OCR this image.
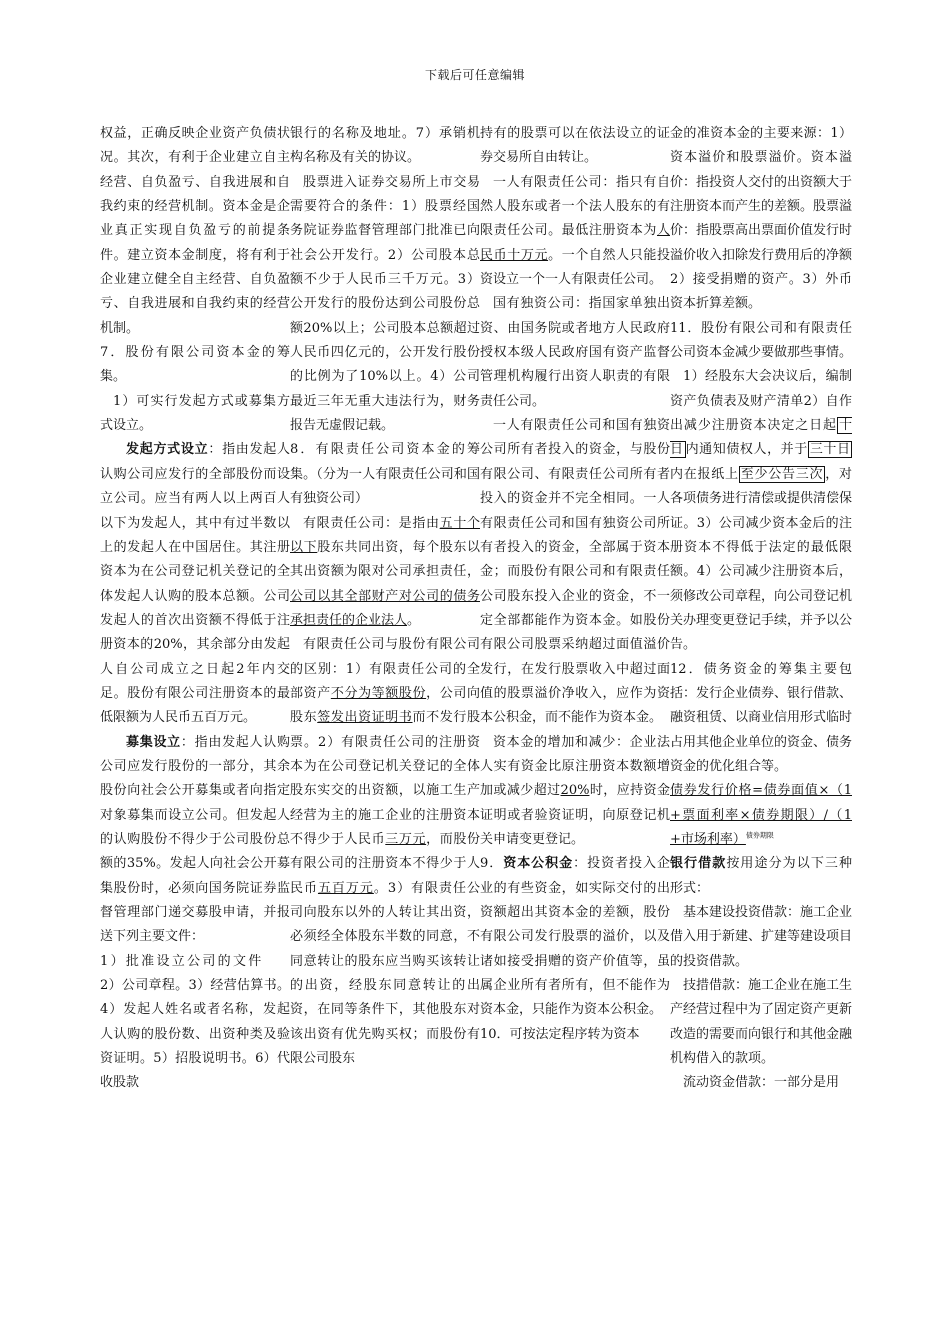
下载后可任意编辑

权益，正确反映企业资产负债状况。其次，有利于企业建立自主经营、自负盈亏、自我进展和自我约束的经营机制。资本金是企业真正实现自负盈亏的前提条件。建立资本金制度，将有利于企业建立健全自主经营、自负盈亏、自我进展和自我约束的经营机制。

7．股份有限公司资本金的筹集。

1）可实行发起方式或募集方式设立。

发起方式设立：指由发起人认购公司应发行的全部股份而设立公司。应当有两人以上两百人以下为发起人，其中有过半数以上的发起人在中国居住。其注册资本为在公司登记机关登记的全体发起人认购的股本总额。公司发起人的首次出资额不得低于注册资本的20%，其余部分由发起人自公司成立之日起2年内交足。股份有限公司注册资本的最低限额为人民币五百万元。

募集设立：指由发起人认购公司应发行股份的一部分，其余股份向社会公开募集或者向指定对象募集而设立公司。但发起人的认购股份不得少于公司股份总额的35%。发起人向社会公开募集股份时，必须向国务院证券监督管理部门递交募股申请，并报送下列主要文件：

1）批准设立公司的文件

2）公司章程。3）经营估算书。4）发起人姓名或者名称，发起人认购的股份数、出资种类及验资证明。5）招股说明书。6）代收股款

银行的名称及地址。7）承销机构名称及有关的协议。

股票进入证券交易所上市交易需要符合的条件：1）股票经国务院证券监督管理部门批准已向社会公开发行。2）公司股本总额不少于人民币三千万元。3）公开发行的股份达到公司股份总额20%以上；公司股本总额超过人民币四亿元的，公开发行股份的比例为了10%以上。4）公司最近三年无重大违法行为，财务报告无虚假记载。

8．有限责任公司资本金的筹集。（分为一人有限责任公司和国有独资公司）

有限责任公司：是指由五十个以下股东共同出资，每个股东以其出资额为限对公司承担责任，公司以其全部财产对公司的债务承担责任的企业法人。

有限责任公司与股份有限公司的区别：1）有限责任公司的全部资产不分为等额股份，公司向股东签发出资证明书而不发行股票。2）有限责任公司的注册资本为在公司登记机关登记的全体股东实交的出资额，以施工生产经营为主的施工企业的注册资本不得少于人民币三万元，而股份有限公司的注册资本不得少于人民币五百万元。3）有限责任公司向股东以外的人转让其出资，必须经全体股东半数的同意，不同意转让的股东应当购买该转让的出资，经股东同意转让的出资，在同等条件下，其他股东对该出资有优先购买权；而股份有限公司股东

持有的股票可以在依法设立的证券交易所自由转让。

一人有限责任公司：指只有自然人股东或者一个法人股东的有限责任公司。最低注册资本为人民币十万元。一个自然人只能投资设立一个一人有限责任公司。

国有独资公司：指国家单独出资、由国务院或者地方人民政府授权本级人民政府国有资产监督管理机构履行出资人职责的有限责任公司。

一人有限责任公司和国有独资公司所有者投入的资金，与股份有限公司、有限责任公司所有者投入的资金并不完全相同。一人有限责任公司和国有独资公司所有者投入的资金，全部属于资本金；而股份有限公司和有限责任公司股东投入企业的资金，不一定全部都能作为资本金。如股份有限公司股票采纳超过面值溢价发行，在发行股票收入中超过面值的股票溢价净收入，应作为资本公积金，而不能作为资本金。

资本金的增加和减少：企业法人实有资金比原注册资本数额增加或减少超过20%时，应持资金证明或者验资证明，向原登记机关申请变更登记。

9．资本公积金：投资者投入企业的有些资金，如实际交付的出资额超出其资本金的差额，股份有限公司发行股票的溢价，以及诸如接受捐赠的资产价值等，虽属企业所有者所有，但不能作为资本金，只能作为资本公积金。

10．可按法定程序转为资本

金的准资本金的主要来源：1）资本溢价和股票溢价。资本溢价：指投资人交付的出资额大于注册资本而产生的差额。股票溢价：指股票高出票面价值发行时溢价收入扣除发行费用后的净额2）接受捐赠的资产。3）外币资本折算差额。

11．股份有限公司和有限责任公司资本金减少要做那些事情。

1）经股东大会决议后，编制资产负债表及财产清单2）自作出减少注册资本决定之日起 十日 内通知债权人，并于 三十日内在报纸上 至少公告三次 ，对各项债务进行清偿或提供清偿保证。3）公司减少资本金后的注册资本不得低于法定的最低限额。4）公司减少注册资本后，须修改公司章程，向公司登记机关办理变更登记手续，并予以公告。

12．债务资金的筹集主要包括：发行企业债券、银行借款、融资租赁、以商业信用形式临时占用其他企业单位的资金、债务资金的优化组合等。

债券发行价格=债券面值×（1+票面利率×债券期限）/（1+市场利率）$^{债券期限}$

银行借款按用途分为以下三种形式：

基本建设投资借款：施工企业借入用于新建、扩建等建设项目的投资借款。

技措借款：施工企业在施工生产经营过程中为了固定资产更新改造的需要而向银行和其他金融机构借入的款项。

流动资金借款：一部分是用
